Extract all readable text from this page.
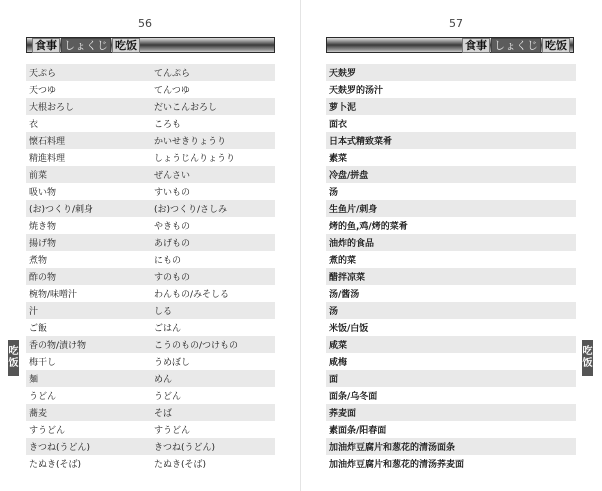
56
食事 しょくじ 吃饭
天ぷら	てんぷら
天つゆ	てんつゆ
大根おろし	だいこんおろし
衣	ころも
懐石料理	かいせきりょうり
精進料理	しょうじんりょうり
前菜	ぜんさい
吸い物	すいもの
(お)つくり/刺身	(お)つくり/さしみ
焼き物	やきもの
揚げ物	あげもの
煮物	にもの
酢の物	すのもの
椀物/味噌汁	わんもの/みそしる
汁	しる
ご飯	ごはん
香の物/漬け物	こうのもの/つけもの
梅干し	うめぼし
麺	めん
うどん	うどん
蕎麦	そば
すうどん	すうどん
きつね(うどん)	きつね(うどん)
たぬき(そば)	たぬき(そば)
57
食事 しょくじ 吃饭
天麸罗
天麸罗的汤汁
萝卜泥
面衣
日本式精致菜肴
素菜
冷盘/拼盘
汤
生鱼片/刺身
烤的鱼,鸡/烤的菜肴
油炸的食品
煮的菜
醋拌凉菜
汤/酱汤
汤
米饭/白饭
咸菜
咸梅
面
面条/乌冬面
荞麦面
素面条/阳春面
加油炸豆腐片和葱花的清汤面条
加油炸豆腐片和葱花的清汤荞麦面
吃
饭
吃
饭
